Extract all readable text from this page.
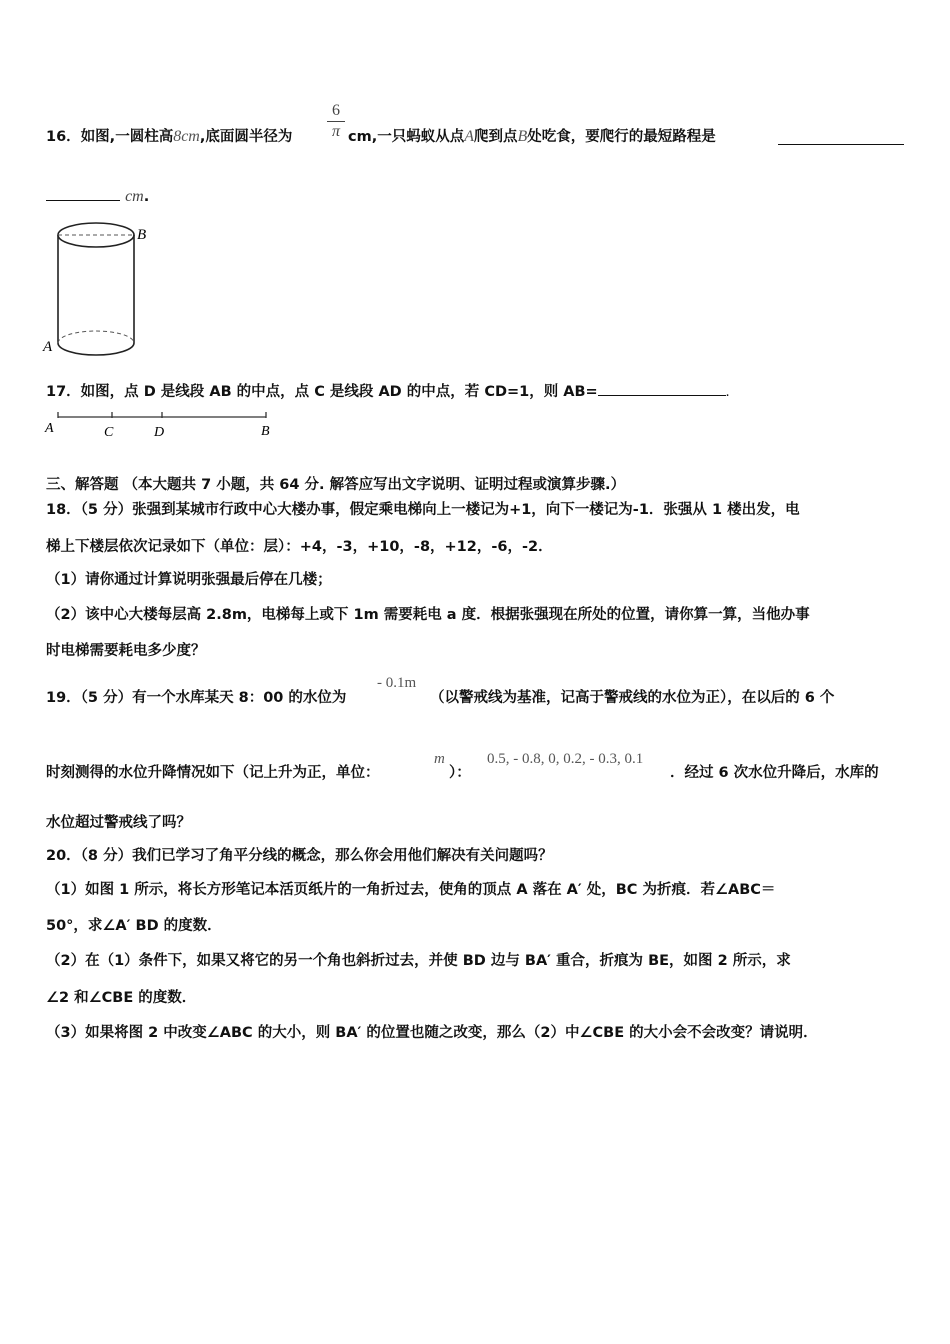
16．如图,一圆柱高8cm,底面圆半径为
6
π cm,一只蚂蚁从点A爬到点B处吃食，要爬行的最短路程是
cm.
B
A
17．如图，点 D 是线段 AB 的中点，点 C 是线段 AD 的中点，若 CD=1，则 AB=	.
A	C	D	B
三、解答题 （本大题共 7 小题，共 64 分. 解答应写出文字说明、证明过程或演算步骤.）
18．（5 分）张强到某城市行政中心大楼办事，假定乘电梯向上一楼记为+1，向下一楼记为-1．张强从 1 楼出发，电
梯上下楼层依次记录如下（单位：层）：+4，-3，+10，-8，+12，-6，-2．
（1）请你通过计算说明张强最后停在几楼；
（2）该中心大楼每层高 2.8m，电梯每上或下 1m 需要耗电 a 度．根据张强现在所处的位置，请你算一算，当他办事
时电梯需要耗电多少度？
19．（5 分）有一个水库某天 8：00 的水位为
- 0.1m
（以警戒线为基准，记高于警戒线的水位为正），在以后的 6 个
时刻测得的水位升降情况如下（记上升为正，单位：
m
）：
0.5, - 0.8, 0, 0.2, - 0.3, 0.1
．经过 6 次水位升降后，水库的
水位超过警戒线了吗？
20．（8 分）我们已学习了角平分线的概念，那么你会用他们解决有关问题吗？
（1）如图 1 所示，将长方形笔记本活页纸片的一角折过去，使角的顶点 A 落在 A′ 处，BC 为折痕．若∠ABC＝
50°，求∠A′ BD 的度数．
（2）在（1）条件下，如果又将它的另一个角也斜折过去，并使 BD 边与 BA′ 重合，折痕为 BE，如图 2 所示，求
∠2 和∠CBE 的度数．
（3）如果将图 2 中改变∠ABC 的大小，则 BA′ 的位置也随之改变，那么（2）中∠CBE 的大小会不会改变？请说明．
